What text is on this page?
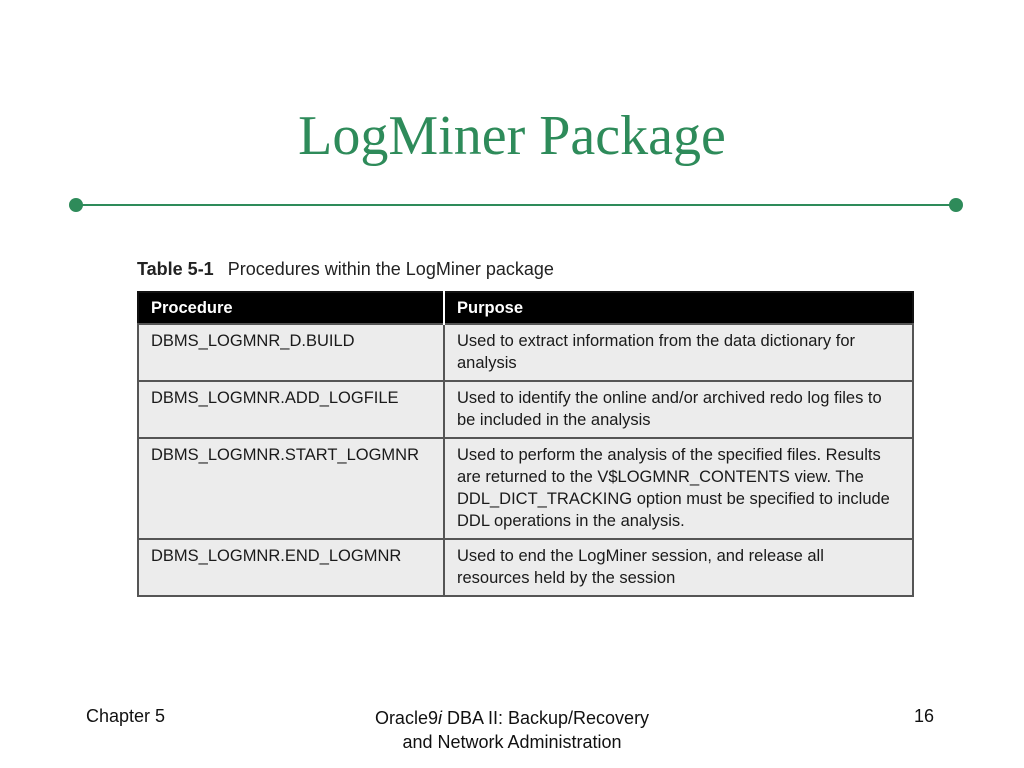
LogMiner Package
Table 5-1 Procedures within the LogMiner package
Procedure	Purpose
DBMS_LOGMNR_D.BUILD	Used to extract information from the data dictionary for analysis
DBMS_LOGMNR.ADD_LOGFILE	Used to identify the online and/or archived redo log files to be included in the analysis
DBMS_LOGMNR.START_LOGMNR	Used to perform the analysis of the specified files. Results are returned to the V$LOGMNR_CONTENTS view. The DDL_DICT_TRACKING option must be specified to include DDL operations in the analysis.
DBMS_LOGMNR.END_LOGMNR	Used to end the LogMiner session, and release all resources held by the session
Chapter 5	Oracle9i DBA II: Backup/Recovery
and Network Administration
16
